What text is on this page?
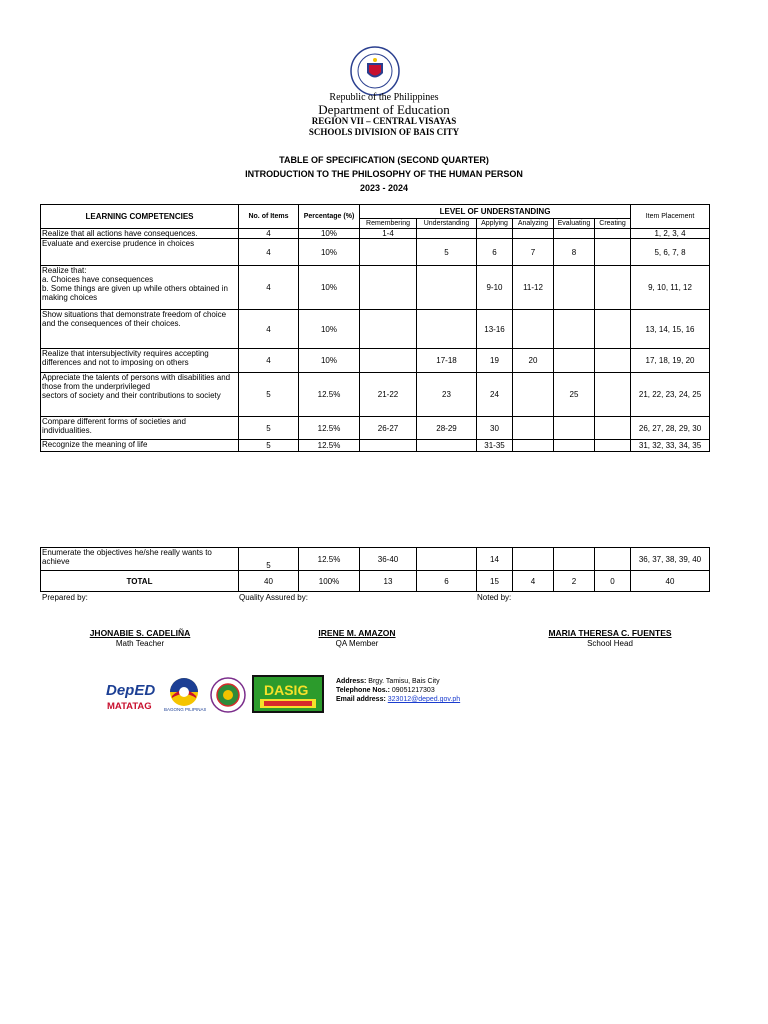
Republic of the Philippines
Department of Education
REGION VII – CENTRAL VISAYAS
SCHOOLS DIVISION OF BAIS CITY
TABLE OF SPECIFICATION (SECOND QUARTER)
INTRODUCTION TO THE PHILOSOPHY OF THE HUMAN PERSON
2023 - 2024
LEARNING COMPETENCIES	No. of Items	Percentage (%)	LEVEL OF UNDERSTANDING						Item Placement
			Remembering	Understanding	Applying	Analyzing	Evaluating	Creating	
Realize that all actions have consequences.	4	10%	1-4						1, 2, 3, 4
Evaluate and exercise prudence in choices	4	10%		5	6	7	8		5, 6, 7, 8
Realize that:
a. Choices have consequences
b. Some things are given up while others obtained in making choices	4	10%			9-10	11-12			9, 10, 11, 12
Show situations that demonstrate freedom of choice and the consequences of their choices.	4	10%			13-16				13, 14, 15, 16
Realize that intersubjectivity requires accepting differences and not to imposing on others	4	10%		17-18	19	20			17, 18, 19, 20
Appreciate the talents of persons with disabilities and those from the underprivileged
sectors of society and their contributions to society	5	12.5%	21-22	23	24		25		21, 22, 23, 24, 25
Compare different forms of societies and individualities.	5	12.5%	26-27	28-29	30				26, 27, 28, 29, 30
Recognize the meaning of life	5	12.5%			31-35				31, 32, 33, 34, 35
Enumerate the objectives he/she really wants to achieve	5	12.5%	36-40		14				36, 37, 38, 39, 40
TOTAL	40	100%	13	6	15	4	2	0	40
Prepared by:	Quality Assured by:	Noted by:
JHONABIE S. CADELIÑA
Math Teacher
IRENE M. AMAZON
QA Member
MARIA THERESA C. FUENTES
School Head
DepED
MATATAG	BAGONG PILIPINAS
DASIG
Address: Brgy. Tamisu, Bais City
Telephone Nos.: 09051217303
Email address: 323012@deped.gov.ph
